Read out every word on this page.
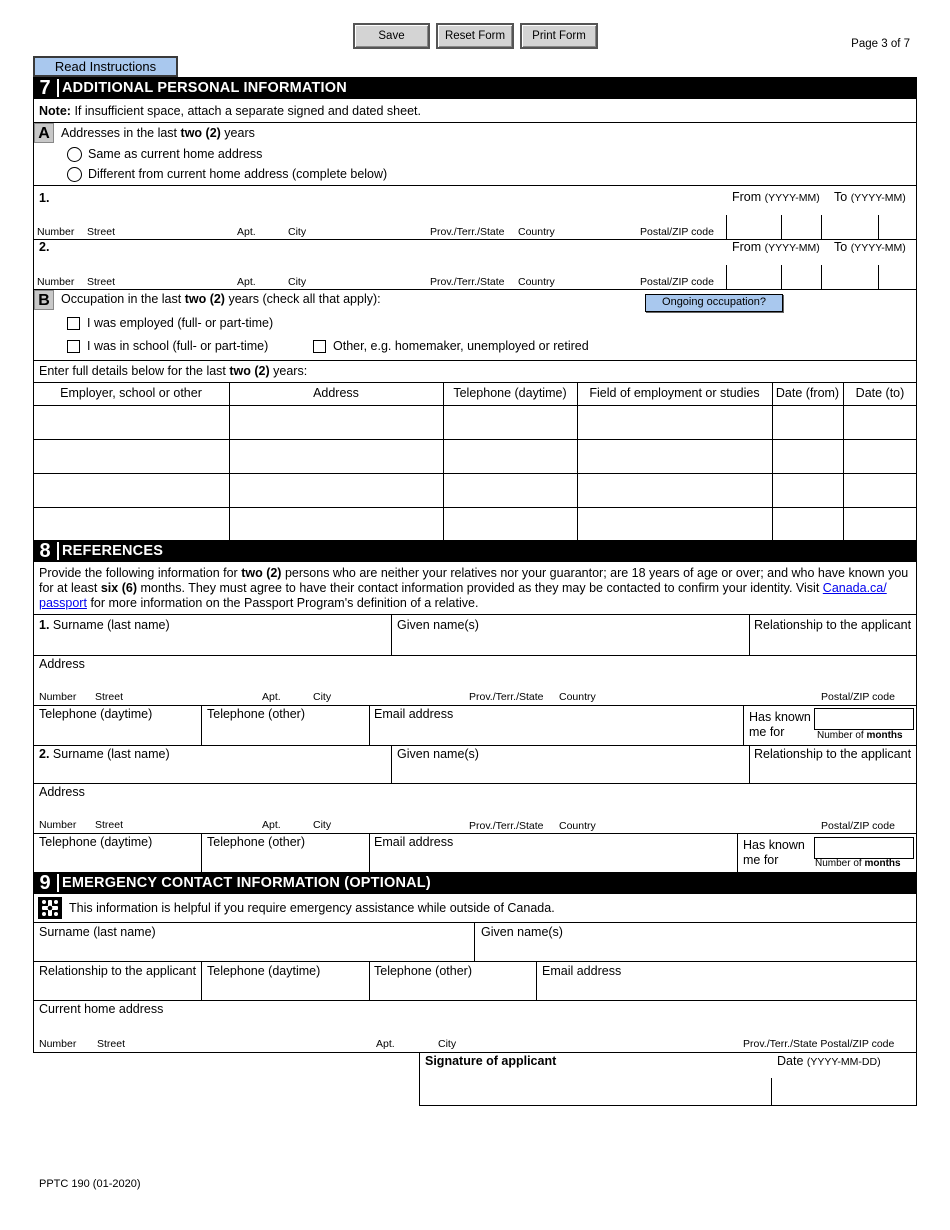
Save	Reset Form	Print Form
Page 3 of 7
Read Instructions
7 ADDITIONAL PERSONAL INFORMATION
Note: If insufficient space, attach a separate signed and dated sheet.
A Addresses in the last two (2) years
Same as current home address
Different from current home address (complete below)
1.	From (YYYY-MM) To (YYYY-MM)
Number Street	Apt.	City	Prov./Terr./State Country	Postal/ZIP code
2.	From (YYYY-MM) To (YYYY-MM)
Number Street	Apt.	City	Prov./Terr./State Country	Postal/ZIP code
B Occupation in the last two (2) years (check all that apply):	Ongoing occupation?
I was employed (full- or part-time)
I was in school (full- or part-time)	Other, e.g. homemaker, unemployed or retired
Enter full details below for the last two (2) years:
Employer, school or other	Address	Telephone (daytime)	Field of employment or studies	Date (from)	Date (to)
8 REFERENCES
Provide the following information for two (2) persons who are neither your relatives nor your guarantor; are 18 years of age or over; and who have known you for at least six (6) months. They must agree to have their contact information provided as they may be contacted to confirm your identity. Visit Canada.ca/ passport for more information on the Passport Program's definition of a relative.
1. Surname (last name)	Given name(s)	Relationship to the applicant
Address
Number Street	Apt.	City	Prov./Terr./State Country	Postal/ZIP code
Telephone (daytime)	Telephone (other)	Email address	Has known
me for	Number of months
2. Surname (last name)	Given name(s)	Relationship to the applicant
Address
Number Street	Apt.	City	Prov./Terr./State Country	Postal/ZIP code
Telephone (daytime)	Telephone (other)	Email address	Has known
me for	Number of months
9 EMERGENCY CONTACT INFORMATION (OPTIONAL)
This information is helpful if you require emergency assistance while outside of Canada.
Surname (last name)	Given name(s)
Relationship to the applicant Telephone (daytime)	Telephone (other)	Email address
Current home address
Number Street	Apt.	City	Prov./Terr./State Postal/ZIP code
Signature of applicant	Date (YYYY-MM-DD)
PPTC 190 (01-2020)
